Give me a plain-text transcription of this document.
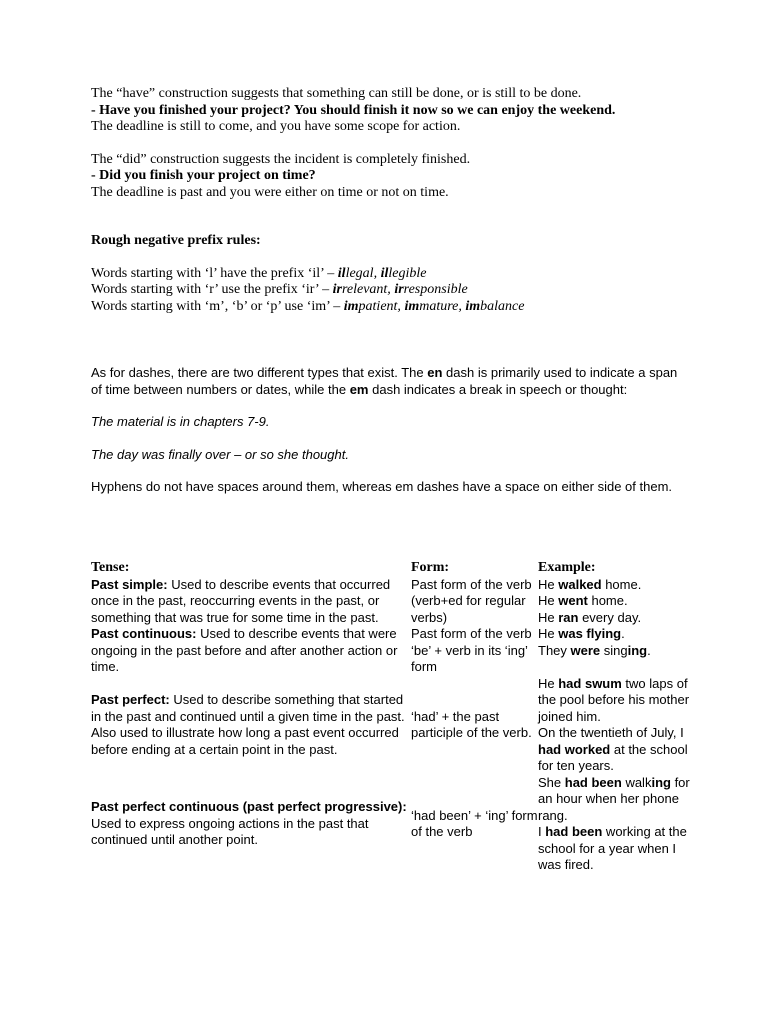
The “have” construction suggests that something can still be done, or is still to be done.

- Have you finished your project? You should finish it now so we can enjoy the weekend.

The deadline is still to come, and you have some scope for action.

The “did” construction suggests the incident is completely finished.

- Did you finish your project on time?

The deadline is past and you were either on time or not on time.

Rough negative prefix rules:

Words starting with ‘l’ have the prefix ‘il’ – illegal, illegible

Words starting with ‘r’ use the prefix ‘ir’ – irrelevant, irresponsible

Words starting with ‘m’, ‘b’ or ‘p’ use ‘im’ – impatient, immature, imbalance

As for dashes, there are two different types that exist. The en dash is primarily used to indicate a span of time between numbers or dates, while the em dash indicates a break in speech or thought:

The material is in chapters 7-9.

The day was finally over – or so she thought.

Hyphens do not have spaces around them, whereas em dashes have a space on either side of them.

Tense:	Form:	Example:
Past simple: Used to describe events that occurred once in the past, reoccurring events in the past, or something that was true for some time in the past.	Past form of the verb (verb+ed for regular verbs)	He walked home.
He went home.
He ran every day.

Past continuous: Used to describe events that were ongoing in the past before and after another action or time.	Past form of the verb ‘be’ + verb in its ‘ing’ form	He was flying.
They were singing.

Past perfect: Used to describe something that started in the past and continued until a given time in the past. Also used to illustrate how long a past event occurred before ending at a certain point in the past.	‘had’ + the past participle of the verb.	He had swum two laps of the pool before his mother joined him.
On the twentieth of July, I had worked at the school for ten years.

Past perfect continuous (past perfect progressive): Used to express ongoing actions in the past that continued until another point.	‘had been’ + ‘ing’ form of the verb	She had been walking for an hour when her phone rang.
I had been working at the school for a year when I was fired.
